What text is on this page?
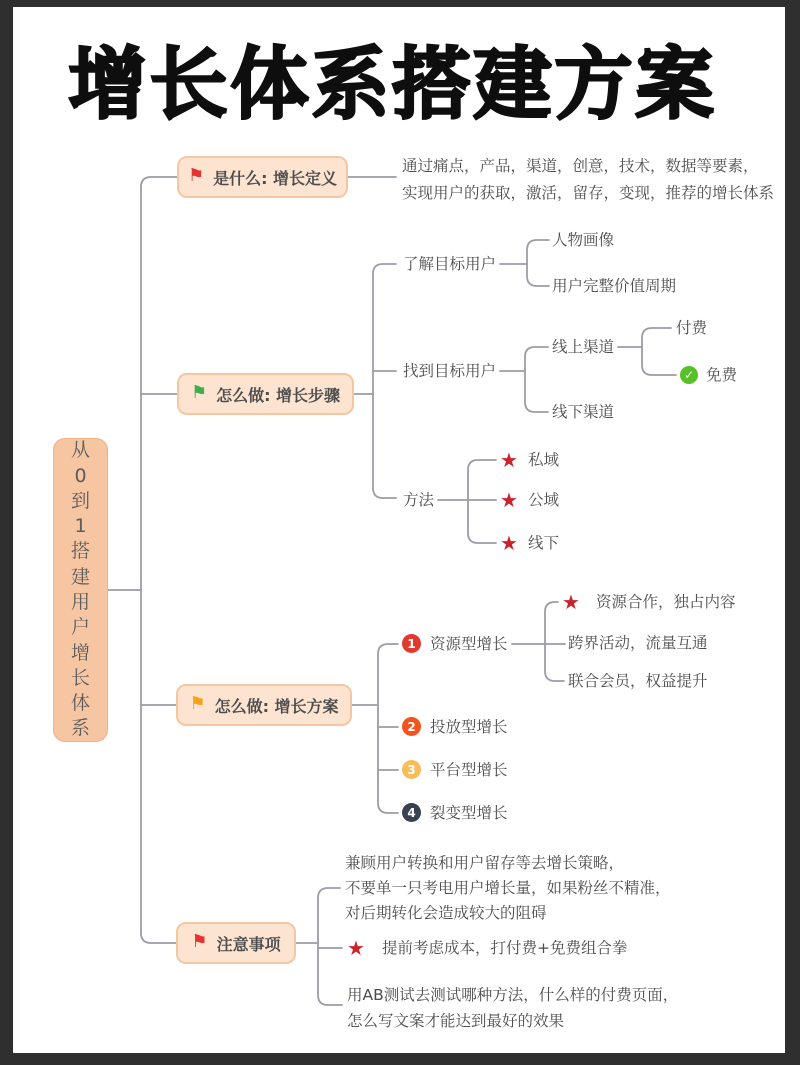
增长体系搭建方案
从0到1搭建用户增长体系
⚑ 是什么: 增长定义
通过痛点，产品，渠道，创意，技术，数据等要素，
实现用户的获取，激活，留存，变现，推荐的增长体系
⚑ 怎么做: 增长步骤
了解目标用户
人物画像
用户完整价值周期
找到目标用户
线上渠道
付费
✓ 免费
线下渠道
方法
★ 私域
★ 公域
★ 线下
⚑ 怎么做: 增长方案
1 资源型增长
★ 资源合作，独占内容
跨界活动，流量互通
联合会员，权益提升
2 投放型增长
3 平台型增长
4 裂变型增长
⚑ 注意事项
兼顾用户转换和用户留存等去增长策略，
不要单一只考电用户增长量，如果粉丝不精准，
对后期转化会造成较大的阻碍
★ 提前考虑成本，打付费+免费组合拳
用AB测试去测试哪种方法，什么样的付费页面，
怎么写文案才能达到最好的效果
